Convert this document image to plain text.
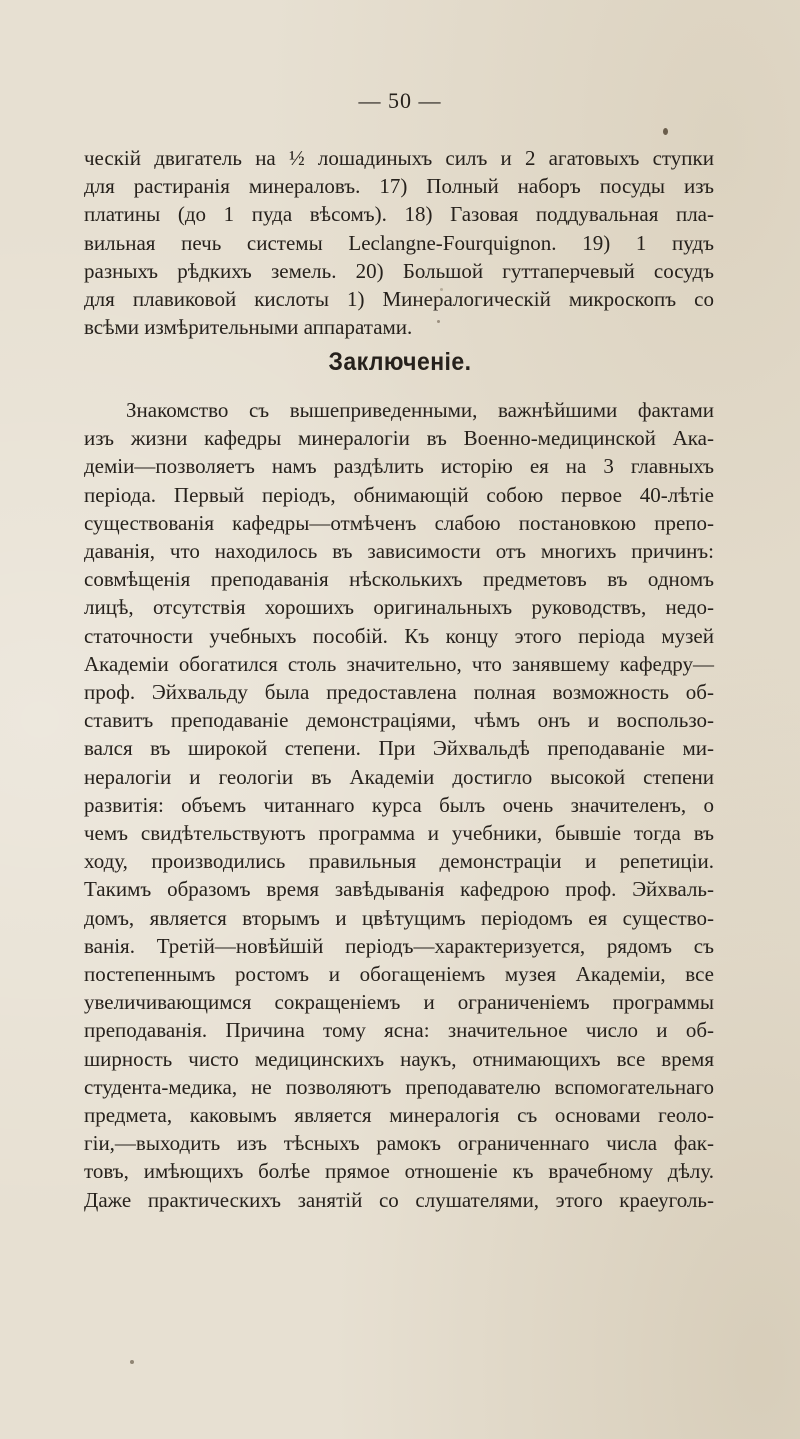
— 50 —
ческій двигатель на ½ лошадиныхъ силъ и 2 агатовыхъ ступки
для растиранія минераловъ. 17) Полный наборъ посуды изъ
платины (до 1 пуда вѣсомъ). 18) Газовая поддувальная пла-
вильная печь системы Leclangne-Fourquignon. 19) 1 пудъ
разныхъ рѣдкихъ земель. 20) Большой гуттаперчевый сосудъ
для плавиковой кислоты 1) Минералогическій микроскопъ со
всѣми измѣрительными аппаратами.
Заключеніе.
Знакомство съ вышеприведенными, важнѣйшими фактами
изъ жизни кафедры минералогіи въ Военно-медицинской Ака-
деміи—позволяетъ намъ раздѣлить исторію ея на 3 главныхъ
періода. Первый періодъ, обнимающій собою первое 40-лѣтіе
существованія кафедры—отмѣченъ слабою постановкою препо-
даванія, что находилось въ зависимости отъ многихъ причинъ:
совмѣщенія преподаванія нѣсколькихъ предметовъ въ одномъ
лицѣ, отсутствія хорошихъ оригинальныхъ руководствъ, недо-
статочности учебныхъ пособій. Къ концу этого періода музей
Академіи обогатился столь значительно, что занявшему кафедру—
проф. Эйхвальду была предоставлена полная возможность об-
ставитъ преподаваніе демонстраціями, чѣмъ онъ и воспользо-
вался въ широкой степени. При Эйхвальдѣ преподаваніе ми-
нералогіи и геологіи въ Академіи достигло высокой степени
развитія: объемъ читаннаго курса былъ очень значителенъ, о
чемъ свидѣтельствуютъ программа и учебники, бывшіе тогда въ
ходу, производились правильныя демонстраціи и репетиціи.
Такимъ образомъ время завѣдыванія кафедрою проф. Эйхваль-
домъ, является вторымъ и цвѣтущимъ періодомъ ея существо-
ванія. Третій—новѣйшій періодъ—характеризуется, рядомъ съ
постепеннымъ ростомъ и обогащеніемъ музея Академіи, все
увеличивающимся сокращеніемъ и ограниченіемъ программы
преподаванія. Причина тому ясна: значительное число и об-
ширность чисто медицинскихъ наукъ, отнимающихъ все время
студента-медика, не позволяютъ преподавателю вспомогательнаго
предмета, каковымъ является минералогія съ основами геоло-
гіи,—выходить изъ тѣсныхъ рамокъ ограниченнаго числа фак-
товъ, имѣющихъ болѣе прямое отношеніе къ врачебному дѣлу.
Даже практическихъ занятій со слушателями, этого краеуголь-
